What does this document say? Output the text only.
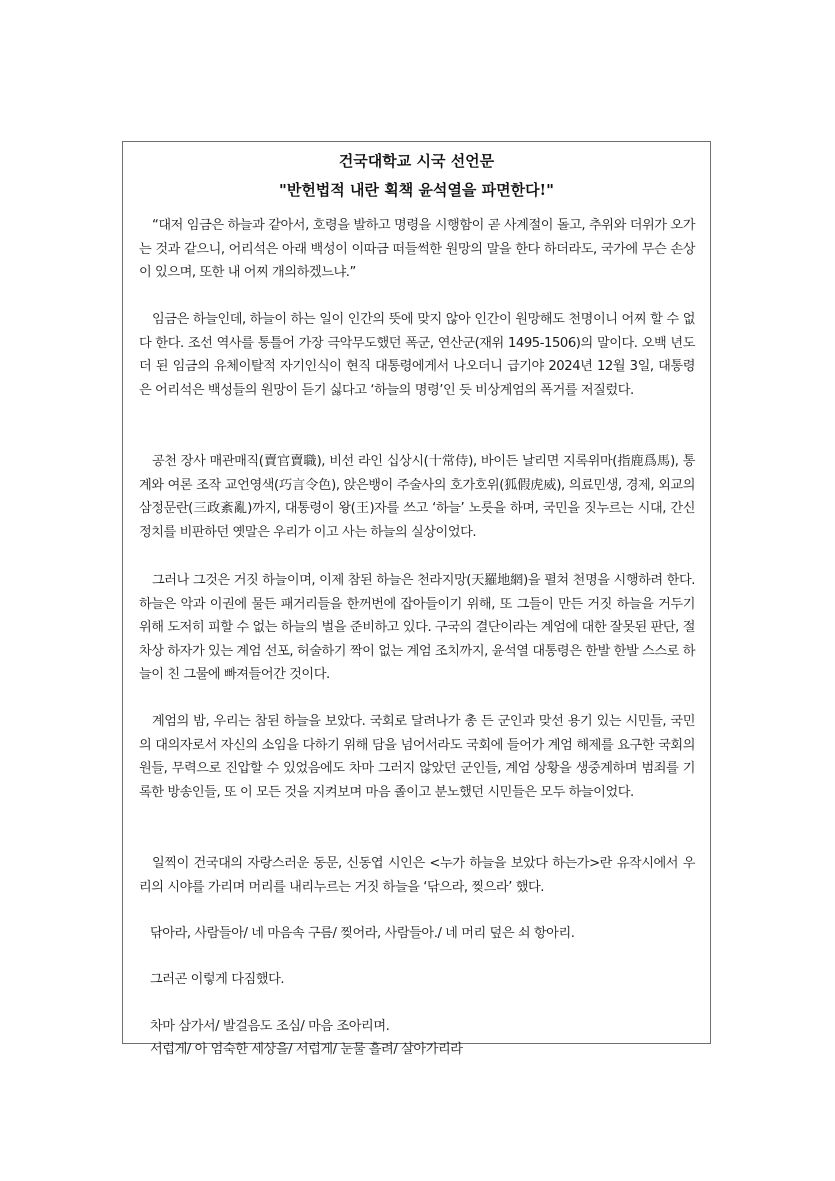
건국대학교 시국 선언문
"반헌법적 내란 획책 윤석열을 파면한다!"

“대저 임금은 하늘과 같아서, 호령을 발하고 명령을 시행함이 곧 사계절이 돌고, 추위와 더위가 오가는 것과 같으니, 어리석은 아래 백성이 이따금 떠들썩한 원망의 말을 한다 하더라도, 국가에 무슨 손상이 있으며, 또한 내 어찌 개의하겠느냐.”

임금은 하늘인데, 하늘이 하는 일이 인간의 뜻에 맞지 않아 인간이 원망해도 천명이니 어찌 할 수 없다 한다. 조선 역사를 통틀어 가장 극악무도했던 폭군, 연산군(재위 1495-1506)의 말이다. 오백 년도 더 된 임금의 유체이탈적 자기인식이 현직 대통령에게서 나오더니 급기야 2024년 12월 3일, 대통령은 어리석은 백성들의 원망이 듣기 싫다고 ‘하늘의 명령’인 듯 비상계엄의 폭거를 저질렀다.

공천 장사 매관매직(賣官賣職), 비선 라인 십상시(十常侍), 바이든 날리면 지록위마(指鹿爲馬), 통계와 여론 조작 교언영색(巧言令色), 앉은뱅이 주술사의 호가호위(狐假虎威), 의료민생, 경제, 외교의 삼정문란(三政紊亂)까지, 대통령이 왕(王)자를 쓰고 ‘하늘’ 노릇을 하며, 국민을 짓누르는 시대, 간신 정치를 비판하던 옛말은 우리가 이고 사는 하늘의 실상이었다.

그러나 그것은 거짓 하늘이며, 이제 참된 하늘은 천라지망(天羅地網)을 펼쳐 천명을 시행하려 한다. 하늘은 악과 이권에 물든 패거리들을 한꺼번에 잡아들이기 위해, 또 그들이 만든 거짓 하늘을 거두기 위해 도저히 피할 수 없는 하늘의 벌을 준비하고 있다. 구국의 결단이라는 계엄에 대한 잘못된 판단, 절차상 하자가 있는 계엄 선포, 허술하기 짝이 없는 계엄 조치까지, 윤석열 대통령은 한발 한발 스스로 하늘이 친 그물에 빠져들어간 것이다.

계엄의 밤, 우리는 참된 하늘을 보았다. 국회로 달려나가 총 든 군인과 맞선 용기 있는 시민들, 국민의 대의자로서 자신의 소임을 다하기 위해 담을 넘어서라도 국회에 들어가 계엄 해제를 요구한 국회의원들, 무력으로 진압할 수 있었음에도 차마 그러지 않았던 군인들, 계엄 상황을 생중계하며 범죄를 기록한 방송인들, 또 이 모든 것을 지켜보며 마음 졸이고 분노했던 시민들은 모두 하늘이었다.

일찍이 건국대의 자랑스러운 동문, 신동엽 시인은 <누가 하늘을 보았다 하는가>란 유작시에서 우리의 시야를 가리며 머리를 내리누르는 거짓 하늘을 ‘닦으라, 찢으라’ 했다.

닦아라, 사람들아/ 네 마음속 구름/ 찢어라, 사람들아./ 네 머리 덮은 쇠 항아리.

그러곤 이렇게 다짐했다.

차마 삼가서/ 발걸음도 조심/ 마음 조아리며.

서럽게/ 아 엄숙한 세상을/ 서럽게/ 눈물 흘려/ 살아가리라
